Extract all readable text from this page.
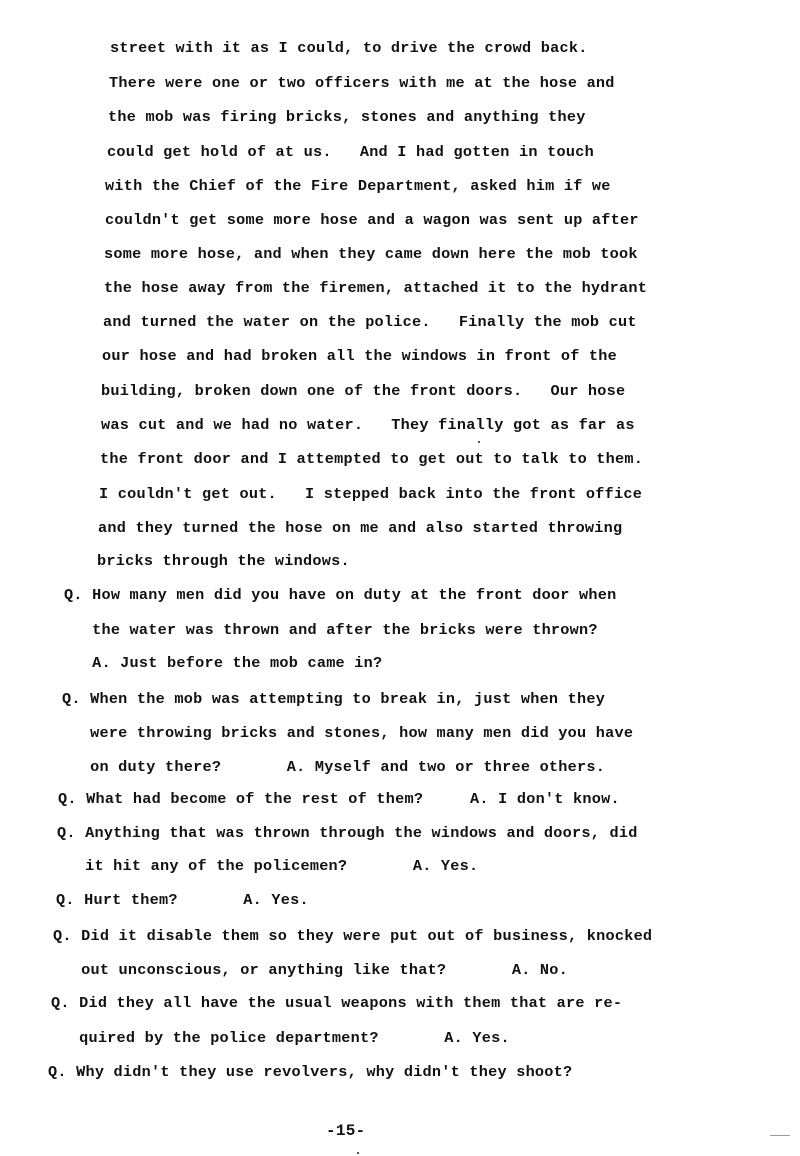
street with it as I could, to drive the crowd back.
There were one or two officers with me at the hose and
the mob was firing bricks, stones and anything they
could get hold of at us.   And I had gotten in touch
with the Chief of the Fire Department, asked him if we
couldn't get some more hose and a wagon was sent up after
some more hose, and when they came down here the mob took
the hose away from the firemen, attached it to the hydrant
and turned the water on the police.   Finally the mob cut
our hose and had broken all the windows in front of the
building, broken down one of the front doors.   Our hose
was cut and we had no water.   They finally got as far as
the front door and I attempted to get out to talk to them.
I couldn't get out.   I stepped back into the front office
and they turned the hose on me and also started throwing
bricks through the windows.
Q. How many men did you have on duty at the front door when
the water was thrown and after the bricks were thrown?
A. Just before the mob came in?
Q. When the mob was attempting to break in, just when they
were throwing bricks and stones, how many men did you have
on duty there?       A. Myself and two or three others.
Q. What had become of the rest of them?     A. I don't know.
Q. Anything that was thrown through the windows and doors, did
it hit any of the policemen?       A. Yes.
Q. Hurt them?       A. Yes.
Q. Did it disable them so they were put out of business, knocked
out unconscious, or anything like that?       A. No.
Q. Did they all have the usual weapons with them that are re-
quired by the police department?       A. Yes.
Q. Why didn't they use revolvers, why didn't they shoot?
-15-
